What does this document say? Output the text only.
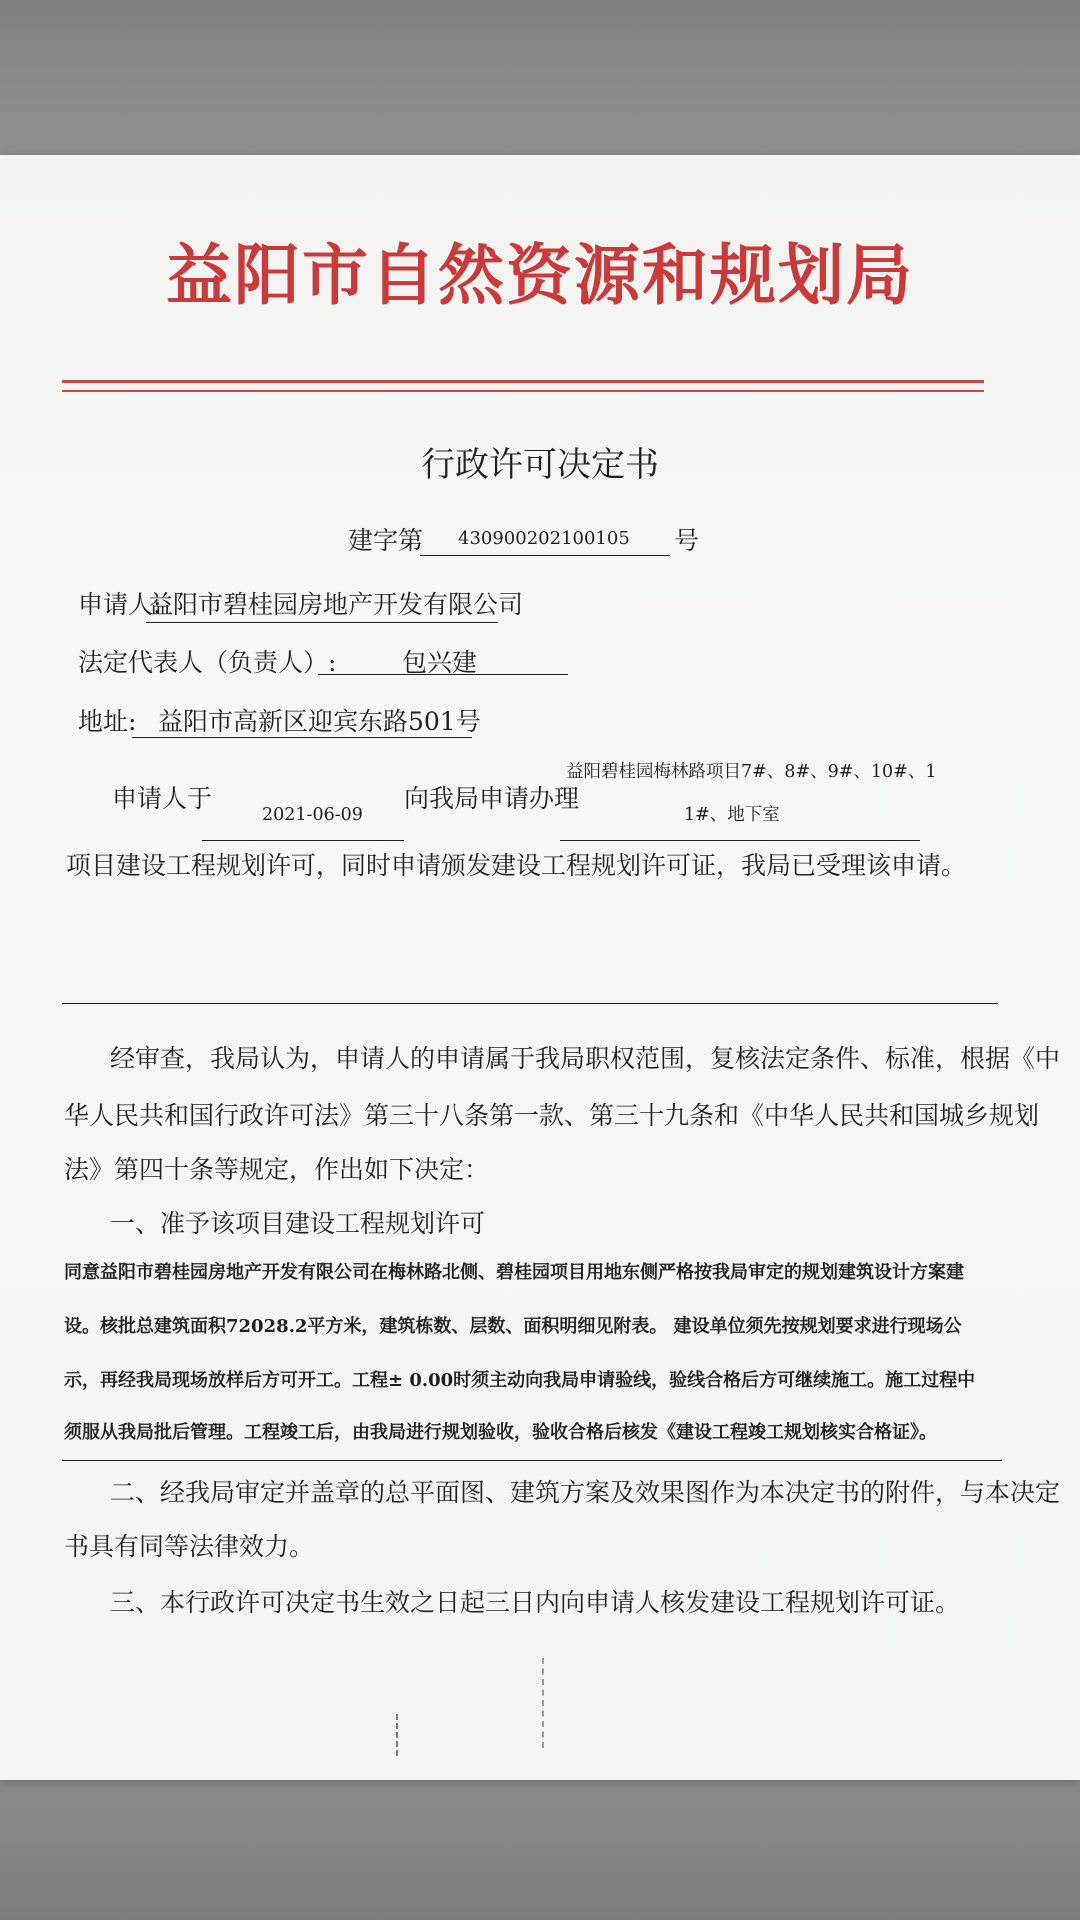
益阳市自然资源和规划局
行政许可决定书
建字第 430900202100105 号
申请人:
益阳市碧桂园房地产开发有限公司
法定代表人（负责人）:	包兴建
地址: 益阳市高新区迎宾东路501号
申请人于
2021-06-09
向我局申请办理
益阳碧桂园梅林路项目7#、8#、9#、10#、1
1#、地下室
项目建设工程规划许可，同时申请颁发建设工程规划许可证，我局已受理该申请。
经审查，我局认为，申请人的申请属于我局职权范围，复核法定条件、标准，根据《中
华人民共和国行政许可法》第三十八条第一款、第三十九条和《中华人民共和国城乡规划
法》第四十条等规定，作出如下决定：
一、准予该项目建设工程规划许可
同意益阳市碧桂园房地产开发有限公司在梅林路北侧、碧桂园项目用地东侧严格按我局审定的规划建筑设计方案建
设。核批总建筑面积72028.2平方米，建筑栋数、层数、面积明细见附表。 建设单位须先按规划要求进行现场公
示，再经我局现场放样后方可开工。工程± 0.00时须主动向我局申请验线，验线合格后方可继续施工。施工过程中
须服从我局批后管理。工程竣工后，由我局进行规划验收，验收合格后核发《建设工程竣工规划核实合格证》。
二、经我局审定并盖章的总平面图、建筑方案及效果图作为本决定书的附件，与本决定
书具有同等法律效力。
三、本行政许可决定书生效之日起三日内向申请人核发建设工程规划许可证。
